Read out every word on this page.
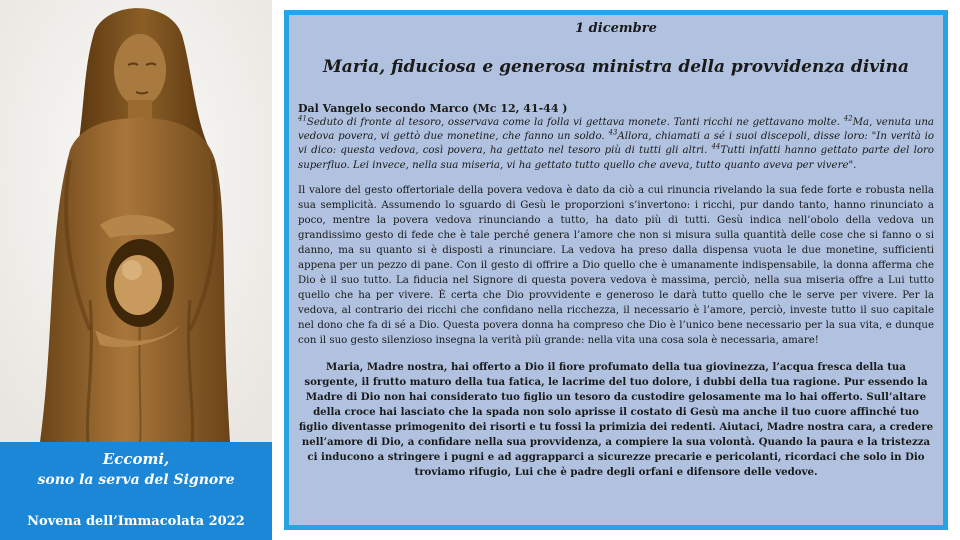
Eccomi,
sono la serva del Signore
Novena dell’Immacolata 2022
1 dicembre
Maria, fiduciosa e generosa ministra della provvidenza divina
Dal Vangelo secondo Marco (Mc 12, 41-44 )

$^{41}$Seduto di fronte al tesoro, osservava come la folla vi gettava monete. Tanti ricchi ne gettavano molte. $^{42}$Ma, venuta una vedova povera, vi gettò due monetine, che fanno un soldo. $^{43}$Allora, chiamati a sé i suoi discepoli, disse loro: "In verità io vi dico: questa vedova, così povera, ha gettato nel tesoro più di tutti gli altri. $^{44}$Tutti infatti hanno gettato parte del loro superfluo. Lei invece, nella sua miseria, vi ha gettato tutto quello che aveva, tutto quanto aveva per vivere".

Il valore del gesto offertoriale della povera vedova è dato da ciò a cui rinuncia rivelando la sua fede forte e robusta nella sua semplicità. Assumendo lo sguardo di Gesù le proporzioni s’invertono: i ricchi, pur dando tanto, hanno rinunciato a poco, mentre la povera vedova rinunciando a tutto, ha dato più di tutti. Gesù indica nell’obolo della vedova un grandissimo gesto di fede che è tale perché genera l’amore che non si misura sulla quantità delle cose che si fanno o si danno, ma su quanto si è disposti a rinunciare. La vedova ha preso dalla dispensa vuota le due monetine, sufficienti appena per un pezzo di pane. Con il gesto di offrire a Dio quello che è umanamente indispensabile, la donna afferma che Dio è il suo tutto. La fiducia nel Signore di questa povera vedova è massima, perciò, nella sua miseria offre a Lui tutto quello che ha per vivere. È certa che Dio provvidente e generoso le darà tutto quello che le serve per vivere. Per la vedova, al contrario dei ricchi che confidano nella ricchezza, il necessario è l’amore, perciò, investe tutto il suo capitale nel dono che fa di sé a Dio. Questa povera donna ha compreso che Dio è l’unico bene necessario per la sua vita, e dunque con il suo gesto silenzioso insegna la verità più grande: nella vita una cosa sola è necessaria, amare!

Maria, Madre nostra, hai offerto a Dio il fiore profumato della tua giovinezza, l’acqua fresca della tua sorgente, il frutto maturo della tua fatica, le lacrime del tuo dolore, i dubbi della tua ragione. Pur essendo la Madre di Dio non hai considerato tuo figlio un tesoro da custodire gelosamente ma lo hai offerto. Sull’altare della croce hai lasciato che la spada non solo aprisse il costato di Gesù ma anche il tuo cuore affinché tuo figlio diventasse primogenito dei risorti e tu fossi la primizia dei redenti. Aiutaci, Madre nostra cara, a credere nell’amore di Dio, a confidare nella sua provvidenza, a compiere la sua volontà. Quando la paura e la tristezza ci inducono a stringere i pugni e ad aggrapparci a sicurezze precarie e pericolanti, ricordaci che solo in Dio troviamo rifugio, Lui che è padre degli orfani e difensore delle vedove.
